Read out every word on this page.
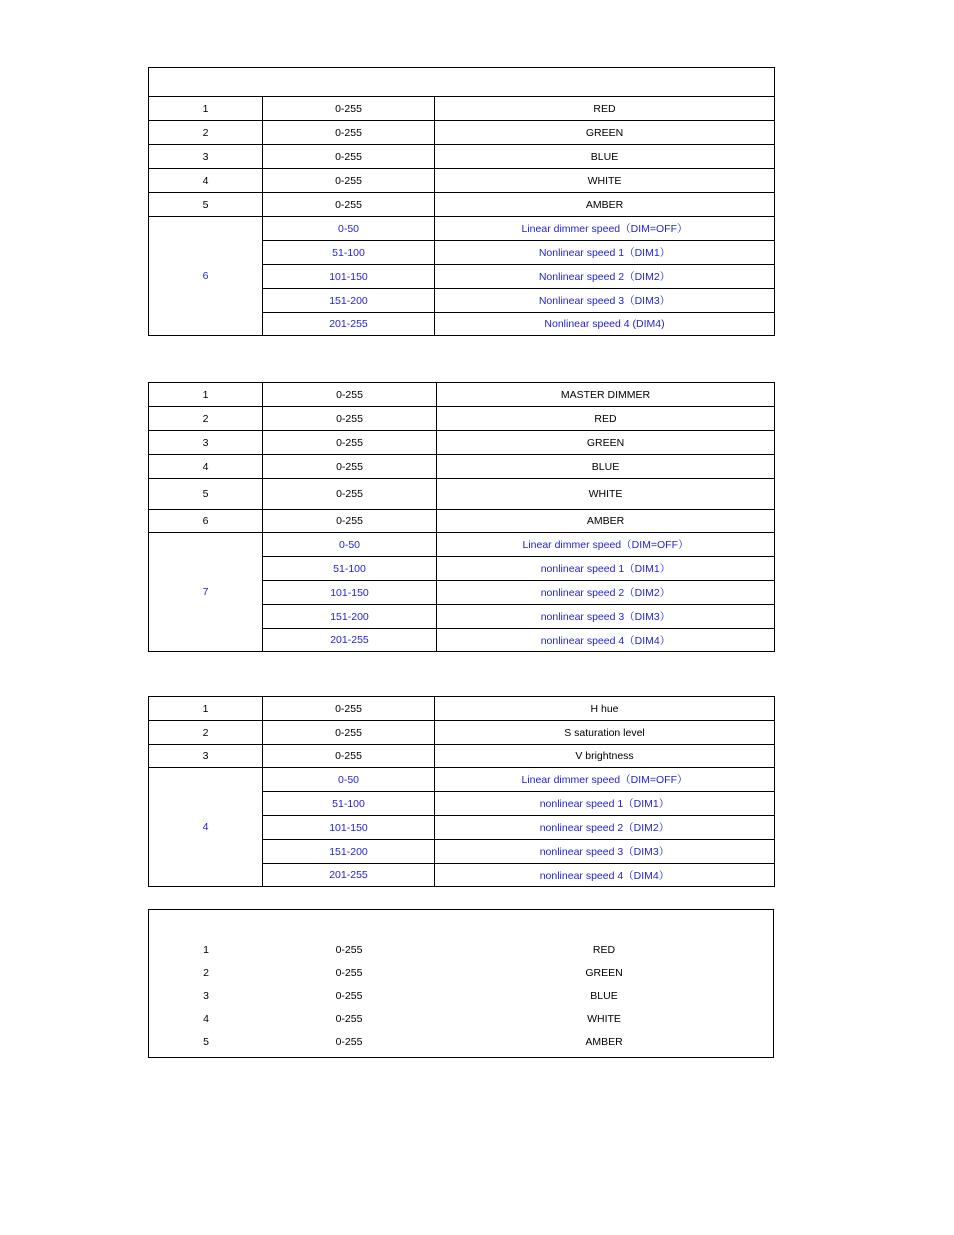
1	0-255	RED
2	0-255	GREEN
3	0-255	BLUE
4	0-255	WHITE
5	0-255	AMBER
6	0-50	Linear dimmer speed（DIM=OFF）
	51-100	Nonlinear speed 1（DIM1）
	101-150	Nonlinear speed 2（DIM2）
	151-200	Nonlinear speed 3（DIM3）
	201-255	Nonlinear speed 4 (DIM4)
1	0-255	MASTER DIMMER
2	0-255	RED
3	0-255	GREEN
4	0-255	BLUE
5	0-255	WHITE
6	0-255	AMBER
7	0-50	Linear dimmer speed（DIM=OFF）
	51-100	nonlinear speed 1（DIM1）
	101-150	nonlinear speed 2（DIM2）
	151-200	nonlinear speed 3（DIM3）
	201-255	nonlinear speed 4（DIM4）
1	0-255	H hue
2	0-255	S saturation level
3	0-255	V brightness
4	0-50	Linear dimmer speed（DIM=OFF）
	51-100	nonlinear speed 1（DIM1）
	101-150	nonlinear speed 2（DIM2）
	151-200	nonlinear speed 3（DIM3）
	201-255	nonlinear speed 4（DIM4）
1	0-255	RED
2	0-255	GREEN
3	0-255	BLUE
4	0-255	WHITE
5	0-255	AMBER
